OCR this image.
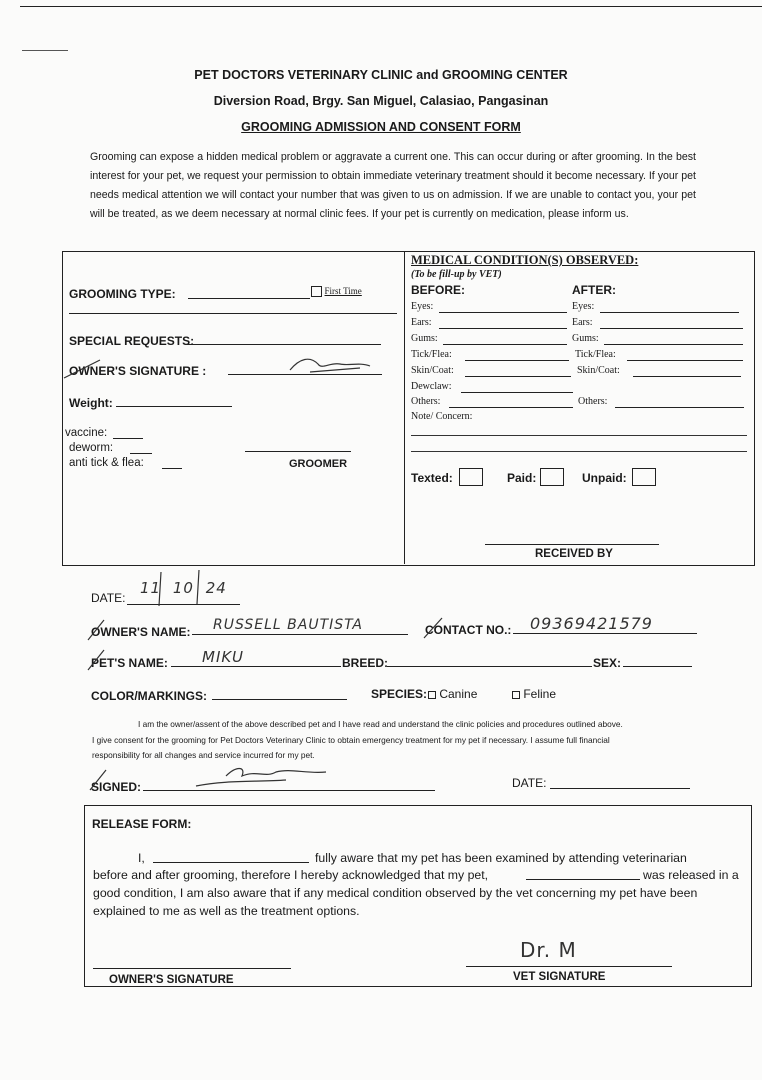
PET DOCTORS VETERINARY CLINIC and GROOMING CENTER
Diversion Road, Brgy. San Miguel, Calasiao, Pangasinan
GROOMING ADMISSION AND CONSENT FORM
Grooming can expose a hidden medical problem or aggravate a current one. This can occur during or after grooming. In the best interest for your pet, we request your permission to obtain immediate veterinary treatment should it become necessary. If your pet needs medical attention we will contact your number that was given to us on admission. If we are unable to contact you, your pet will be treated, as we deem necessary at normal clinic fees. If your pet is currently on medication, please inform us.
GROOMING TYPE:	First Time
SPECIAL REQUESTS:
OWNER'S SIGNATURE :
Weight:
vaccine:
deworm:
anti tick & flea:	GROOMER
MEDICAL CONDITION(S) OBSERVED:
(To be fill-up by VET)
BEFORE:	AFTER:
Eyes:	Eyes:
Ears:	Ears:
Gums:	Gums:
Tick/Flea:	Tick/Flea:
Skin/Coat:	Skin/Coat:
Dewclaw:
Others:	Others:
Note/ Concern:
Texted:	Paid:	Unpaid:
RECEIVED BY
DATE:
11 10 24
OWNER'S NAME: RUSSELL BAUTISTA	CONTACT NO.: 09369421579
PET'S NAME: MIKU	BREED:	SEX:
COLOR/MARKINGS:	SPECIES:	Canine	Feline
I am the owner/assent of the above described pet and I have read and understand the clinic policies and procedures outlined above.
I give consent for the grooming for Pet Doctors Veterinary Clinic to obtain emergency treatment for my pet if necessary. I assume full financial
responsibility for all changes and service incurred for my pet.
SIGNED:	DATE:
RELEASE FORM:
I,	fully aware that my pet has been examined by attending veterinarian
before and after grooming, therefore I hereby acknowledged that my pet,	was released in a
good condition, I am also aware that if any medical condition observed by the vet concerning my pet have been
explained to me as well as the treatment options.
OWNER'S SIGNATURE
Dr. M
VET SIGNATURE
